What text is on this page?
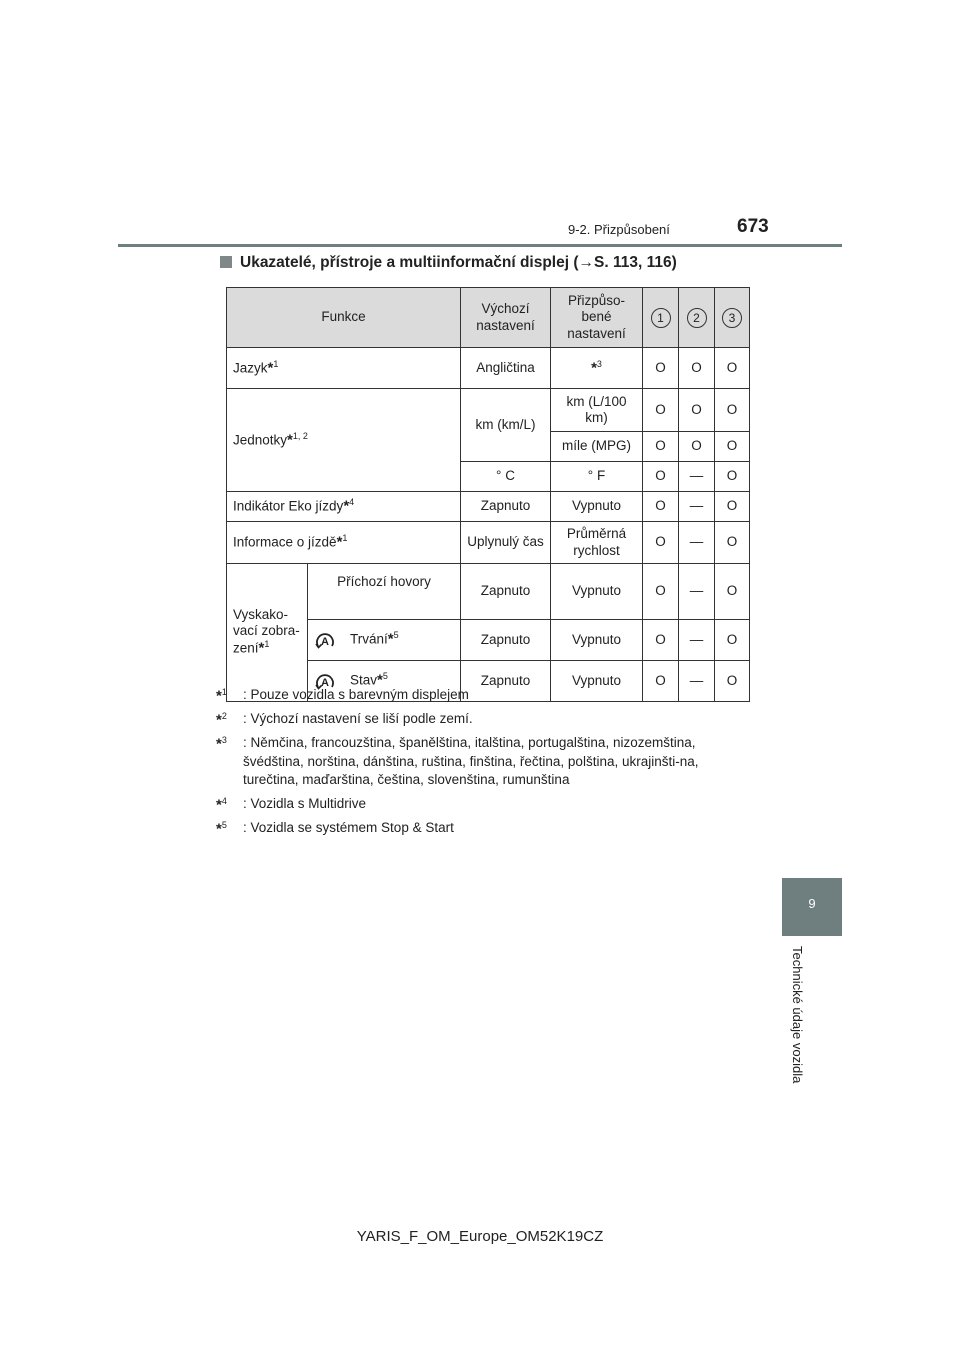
9-2. Přizpůsobení	673
9
Technické údaje vozidla
Ukazatelé, přístroje a multiinformační displej (→S. 113, 116)
Funkce		Výchozí nastavení	Přizpůso-bené nastavení	1	2	3
Jazyk*$^1$		Angličtina	*$^3$	O	O	O
Jednotky*$^{1, 2}$		km (km/L)	km (L/100 km)	O	O	O
			míle (MPG)	O	O	O
		° C	° F	O	—	O
Indikátor Eko jízdy*$^4$		Zapnuto	Vypnuto	O	—	O
Informace o jízdě*$^1$		Uplynulý čas	Průměrná rychlost	O	—	O
Vyskako-vací zobra-zení*$^1$	Příchozí hovory	Zapnuto	Vypnuto	O	—	O

A Trvání*$^5$	Zapnuto	Vypnuto	O	—	O

A Stav*$^5$	Zapnuto	Vypnuto	O	—	O
*$^1$ : Pouze vozidla s barevným displejem
*$^2$ : Výchozí nastavení se liší podle zemí.
*$^3$ : Němčina, francouzština, španělština, italština, portugalština, nizozemština, švédština, norština, dánština, ruština, finština, řečtina, polština, ukrajinšti-na, turečtina, maďarština, čeština, slovenština, rumunština
*$^4$ : Vozidla s Multidrive
*$^5$ : Vozidla se systémem Stop & Start
YARIS_F_OM_Europe_OM52K19CZ
